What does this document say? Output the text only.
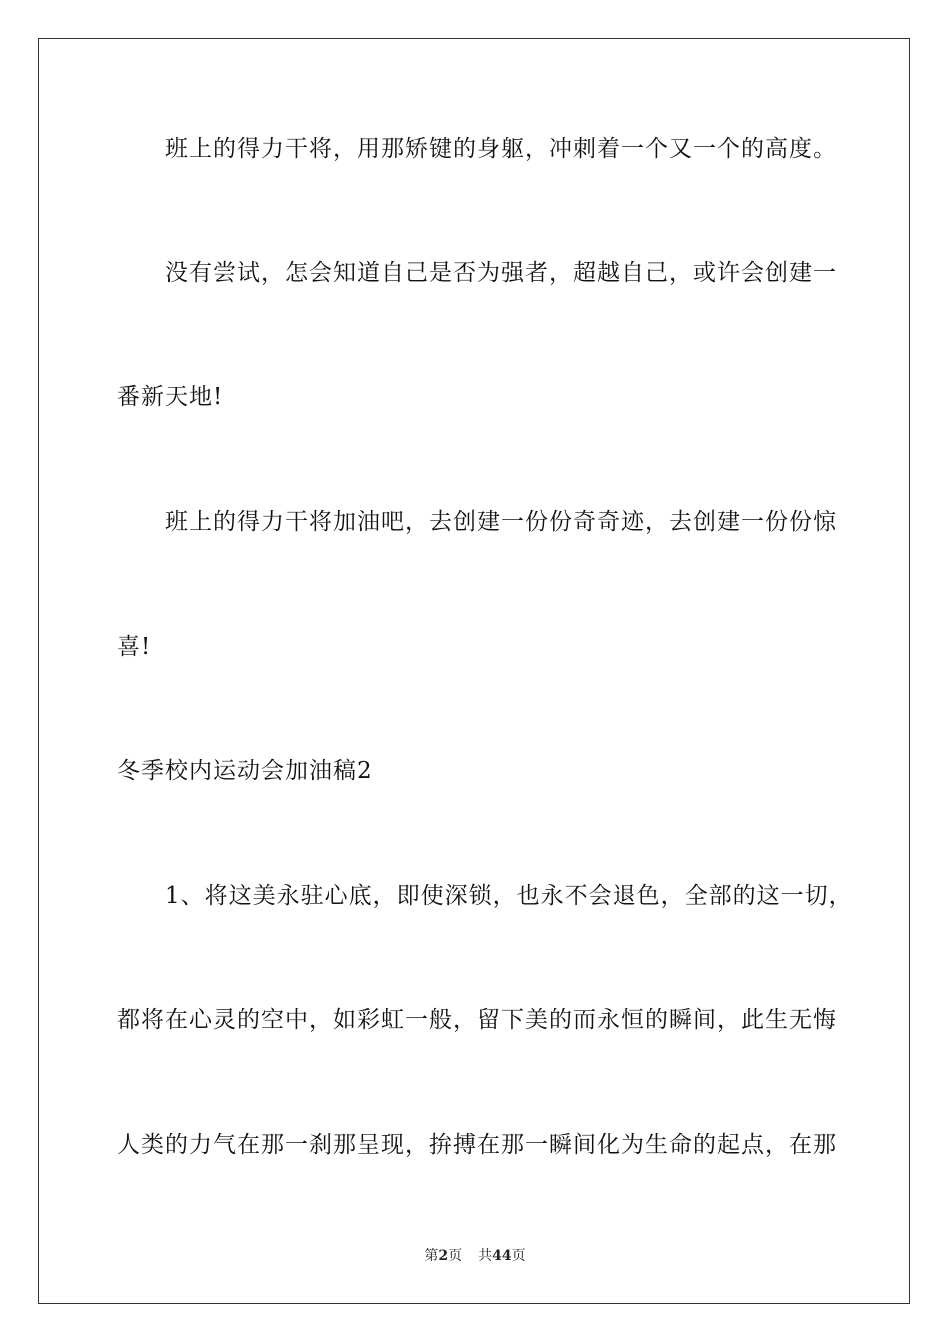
班上的得力干将，用那矫键的身躯，冲刺着一个又一个的高度。
没有尝试，怎会知道自己是否为强者，超越自己，或许会创建一
番新天地!
班上的得力干将加油吧，去创建一份份奇奇迹，去创建一份份惊
喜!
冬季校内运动会加油稿2
1、将这美永驻心底，即使深锁，也永不会退色，全部的这一切，
都将在心灵的空中，如彩虹一般，留下美的而永恒的瞬间，此生无悔
人类的力气在那一刹那呈现，拚搏在那一瞬间化为生命的起点，在那
第2页 共44页
